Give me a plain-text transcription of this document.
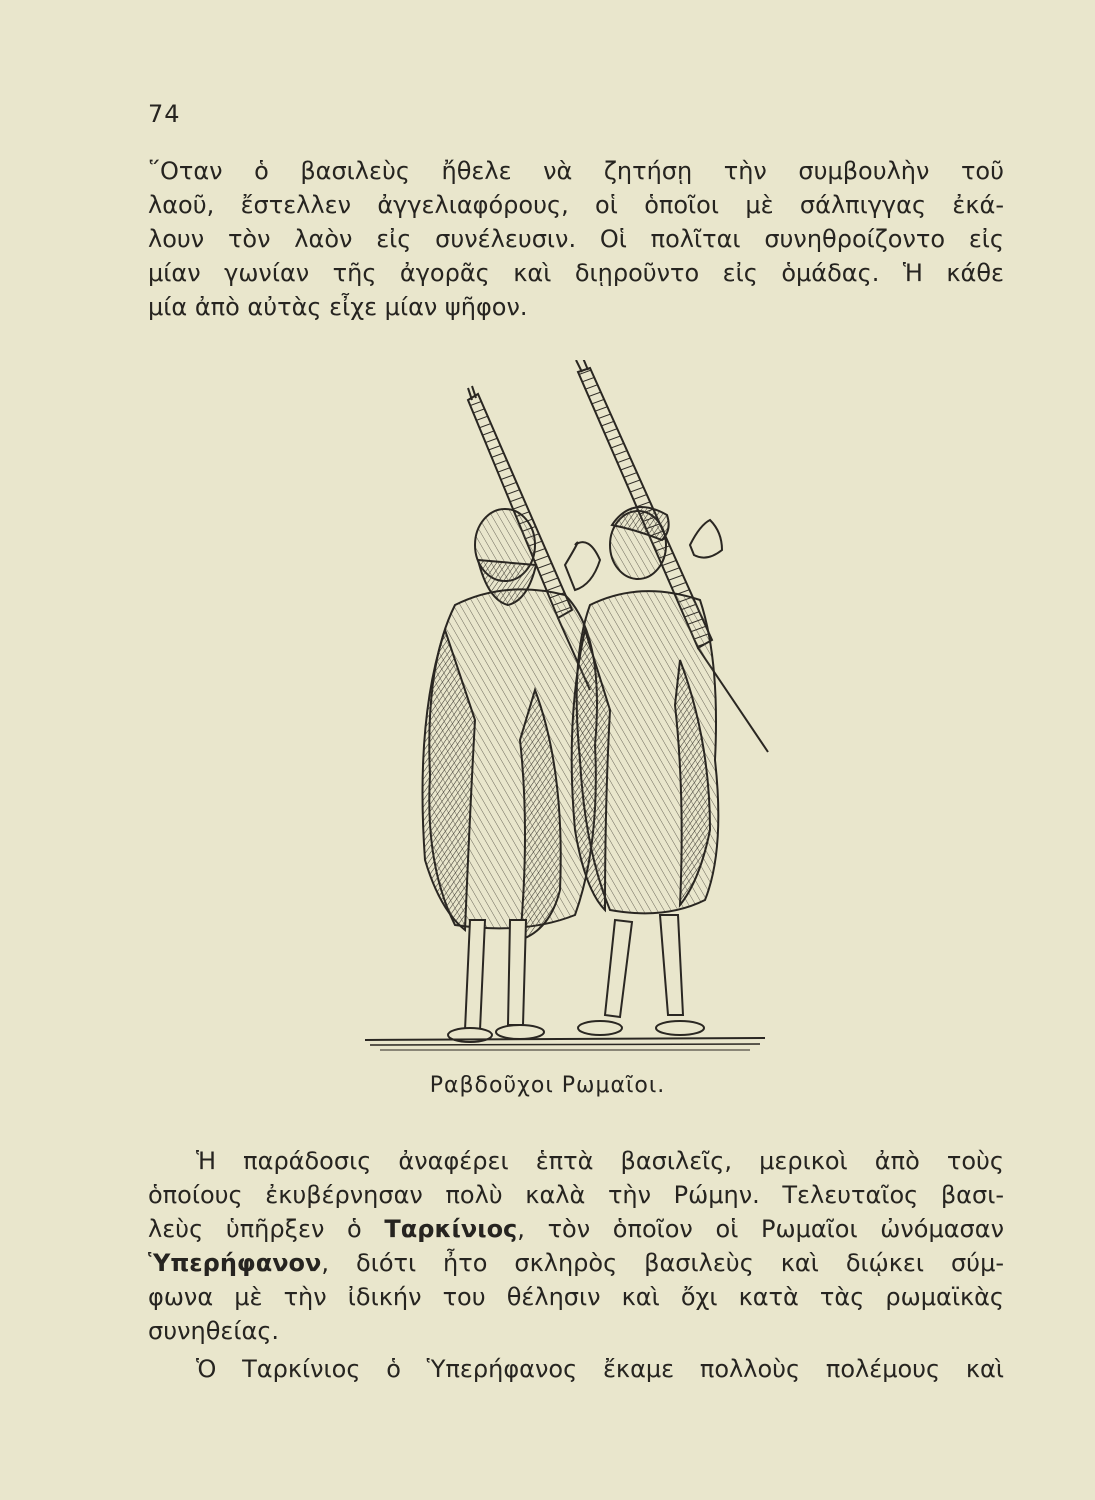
74
῞Οταν ὁ βασιλεὺς ἤθελε νὰ ζητήσῃ τὴν συμβουλὴν τοῦ
λαοῦ, ἔστελλεν ἀγγελιαφόρους, οἱ ὁποῖοι μὲ σάλπιγγας ἐκά-
λουν τὸν λαὸν εἰς συνέλευσιν. Οἱ πολῖται συνηθροίζοντο εἰς
μίαν γωνίαν τῆς ἀγορᾶς καὶ διῃροῦντο εἰς ὁμάδας. Ἡ κάθε
μία ἀπὸ αὐτὰς εἶχε μίαν ψῆφον.
Ραβδοῦχοι Ρωμαῖοι.
Ἡ παράδοσις ἀναφέρει ἑπτὰ βασιλεῖς, μερικοὶ ἀπὸ τοὺς
ὁποίους ἐκυβέρνησαν πολὺ καλὰ τὴν Ρώμην. Τελευταῖος βασι-
λεὺς ὑπῆρξεν ὁ Ταρκίνιος, τὸν ὁποῖον οἱ Ρωμαῖοι ὠνόμασαν
Ὑπερήφανον, διότι ἦτο σκληρὸς βασιλεὺς καὶ διῴκει σύμ-
φωνα μὲ τὴν ἰδικήν του θέλησιν καὶ ὄχι κατὰ τὰς ρωμαϊκὰς
συνηθείας.
Ὁ Ταρκίνιος ὁ Ὑπερήφανος ἔκαμε πολλοὺς πολέμους καὶ
